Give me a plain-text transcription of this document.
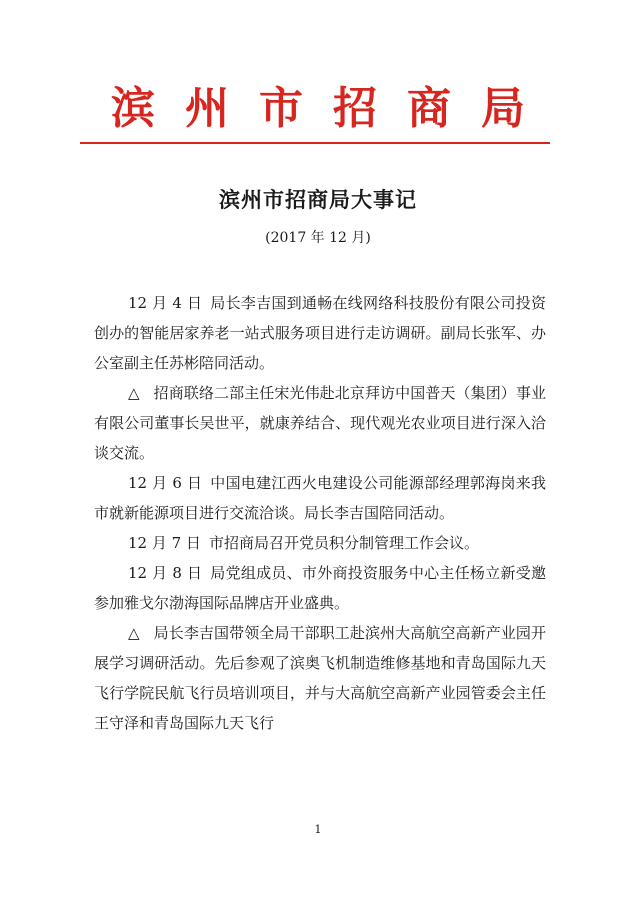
滨州市招商局
滨州市招商局大事记
(2017 年 12 月)

12 月 4 日 局长李吉国到通畅在线网络科技股份有限公司投资创办的智能居家养老一站式服务项目进行走访调研。副局长张军、办公室副主任苏彬陪同活动。

△ 招商联络二部主任宋光伟赴北京拜访中国普天（集团）事业有限公司董事长吴世平，就康养结合、现代观光农业项目进行深入洽谈交流。

12 月 6 日 中国电建江西火电建设公司能源部经理郭海岗来我市就新能源项目进行交流洽谈。局长李吉国陪同活动。

12 月 7 日 市招商局召开党员积分制管理工作会议。

12 月 8 日 局党组成员、市外商投资服务中心主任杨立新受邀参加雅戈尔渤海国际品牌店开业盛典。

△ 局长李吉国带领全局干部职工赴滨州大高航空高新产业园开展学习调研活动。先后参观了滨奥飞机制造维修基地和青岛国际九天飞行学院民航飞行员培训项目，并与大高航空高新产业园管委会主任王守泽和青岛国际九天飞行

1
